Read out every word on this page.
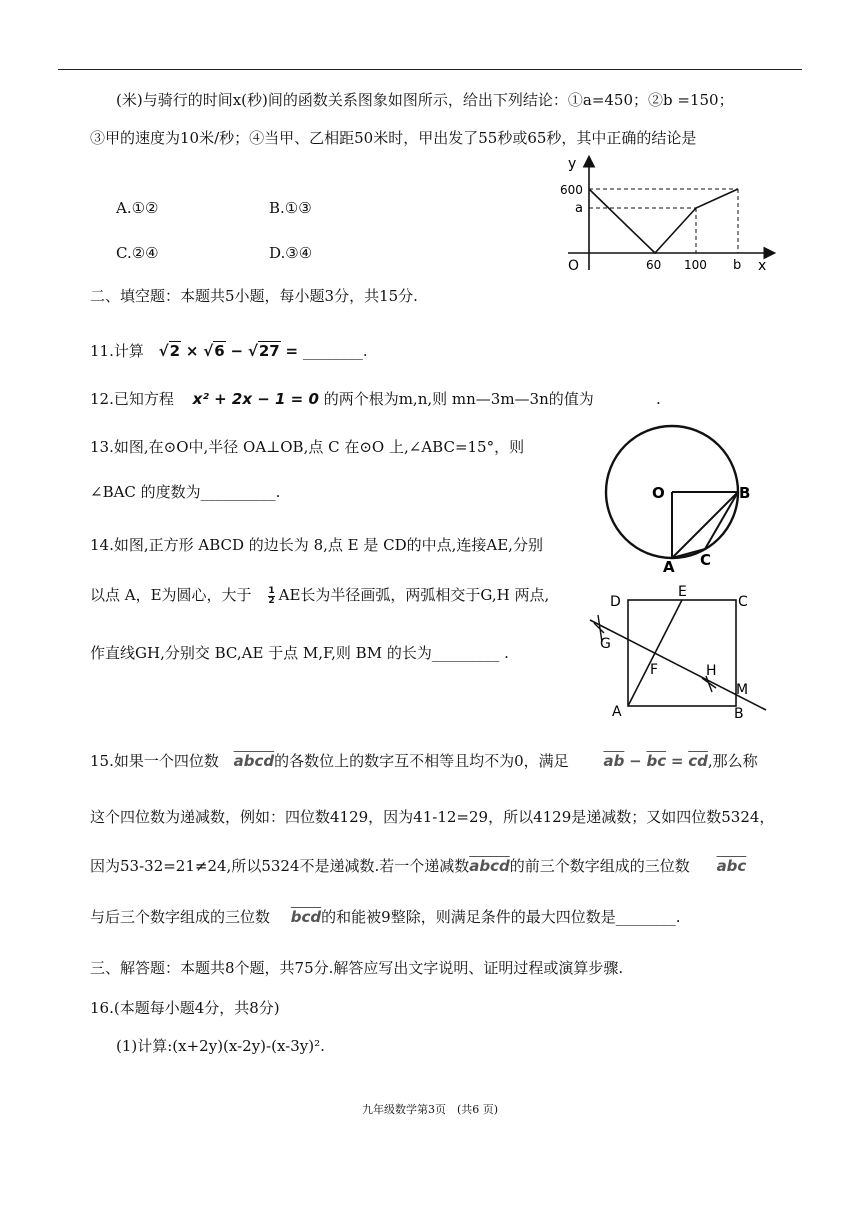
(米)与骑行的时间x(秒)间的函数关系图象如图所示，给出下列结论：①a=450；②b =150；
③甲的速度为10米/秒；④当甲、乙相距50米时，甲出发了55秒或65秒，其中正确的结论是
A.①②	B.①③
C.②④	D.③④
y
x
O
600
a
60 100 b
二、填空题：本题共5小题，每小题3分，共15分.
11.计算 √2 × √6 − √27 = ________.
12.已知方程 x² + 2x − 1 = 0 的两个根为m,n,则 mn—3m—3n的值为	.
13.如图,在⊙O中,半径 OA⊥OB,点 C 在⊙O 上,∠ABC=15°，则
∠BAC 的度数为__________.	O	B
A C
14.如图,正方形 ABCD 的边长为 8,点 E 是 CD的中点,连接AE,分别
以点 A，E为圆心，大于 $\frac{1}{2}$ AE长为半径画弧，两弧相交于G,H 两点,
作直线GH,分别交 BC,AE 于点 M,F,则 BM 的长为_________ .
D
E
C
G
F	H
M
A	B
15.如果一个四位数 abcd的各数位上的数字互不相等且均不为0，满足 $\overline{ab} - \overline{bc} = \overline{cd}$,那么称
这个四位数为递减数，例如：四位数4129，因为41-12=29，所以4129是递减数；又如四位数5324，
因为53-32=21≠24,所以5324不是递减数.若一个递减数abcd的前三个数字组成的三位数 $\overline{abc}$
与后三个数字组成的三位数 $\overline{bcd}$的和能被9整除，则满足条件的最大四位数是________.
三、解答题：本题共8个题，共75分.解答应写出文字说明、证明过程或演算步骤.
16.(本题每小题4分，共8分)
(1)计算:(x+2y)(x-2y)-(x-3y)².
九年级数学第3页　(共6 页)
